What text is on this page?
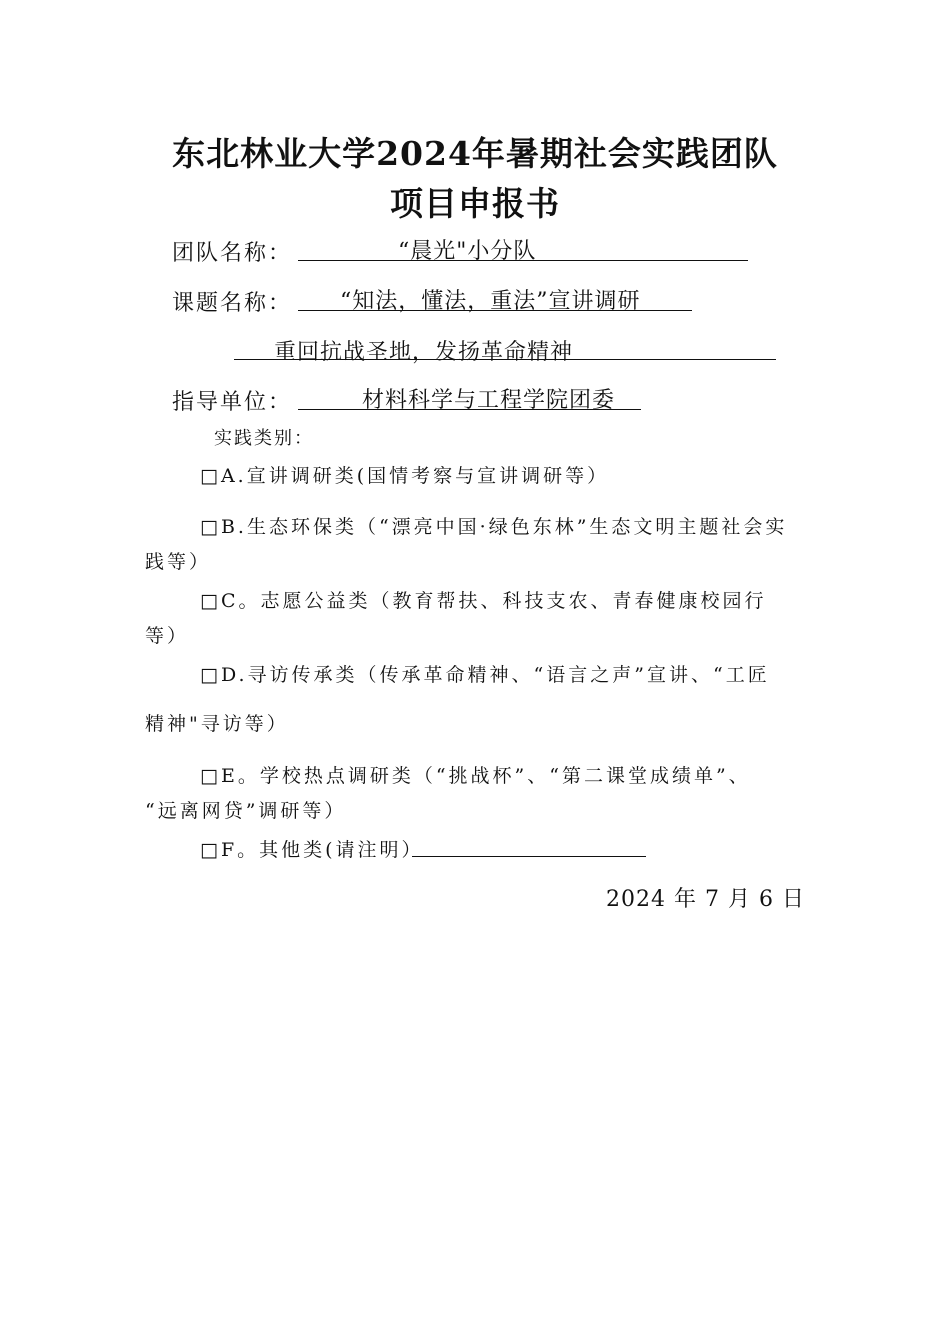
东北林业大学2024年暑期社会实践团队
项目申报书
团队名称：	“晨光"小分队
课题名称： “知法，懂法，重法”宣讲调研
重回抗战圣地，发扬革命精神
指导单位：	材料科学与工程学院团委
实践类别：
□A.宣讲调研类(国情考察与宣讲调研等）
□B.生态环保类（“漂亮中国·绿色东林”生态文明主题社会实
践等）
□C。志愿公益类（教育帮扶、科技支农、青春健康校园行
等）
□D.寻访传承类（传承革命精神、“语言之声”宣讲、“工匠
精神"寻访等）
□E。学校热点调研类（“挑战杯”、“第二课堂成绩单”、
“远离网贷”调研等）
□F。其他类(请注明）
2024 年 7 月 6 日
